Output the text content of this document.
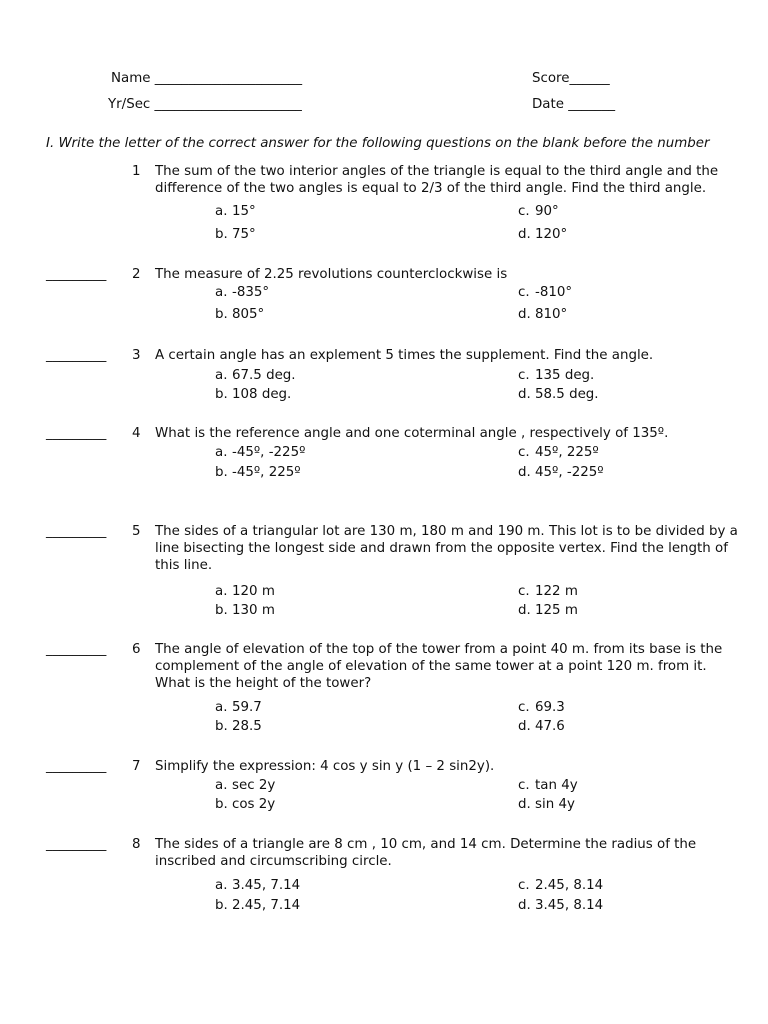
Name ______________________	Score______
Yr/Sec ______________________	Date _______
I. Write the letter of the correct answer for the following questions on the blank before the number
1 The sum of the two interior angles of the triangle is equal to the third angle and the difference of the two angles is equal to 2/3 of the third angle. Find the third angle.
a. 15°
b. 75°
c. 90°
d. 120°
_________ 2 The measure of 2.25 revolutions counterclockwise is
a. -835°
b. 805°
c. -810°
d. 810°
_________ 3 A certain angle has an explement 5 times the supplement. Find the angle.
a. 67.5 deg.
b. 108 deg.
c. 135 deg.
d. 58.5 deg.
_________ 4 What is the reference angle and one coterminal angle , respectively of 135º.
a. -45º, -225º
b. -45º, 225º
c. 45º, 225º
d. 45º, -225º
_________ 5 The sides of a triangular lot are 130 m, 180 m and 190 m. This lot is to be divided by a line bisecting the longest side and drawn from the opposite vertex. Find the length of this line.
a. 120 m
b. 130 m
c. 122 m
d. 125 m
_________ 6 The angle of elevation of the top of the tower from a point 40 m. from its base is the complement of the angle of elevation of the same tower at a point 120 m. from it. What is the height of the tower?
a. 59.7
b. 28.5
c. 69.3
d. 47.6
_________ 7 Simplify the expression: 4 cos y sin y (1 – 2 sin2y).
a. sec 2y
b. cos 2y
c. tan 4y
d. sin 4y
_________ 8 The sides of a triangle are 8 cm , 10 cm, and 14 cm. Determine the radius of the inscribed and circumscribing circle.
a. 3.45, 7.14
b. 2.45, 7.14
c. 2.45, 8.14
d. 3.45, 8.14
